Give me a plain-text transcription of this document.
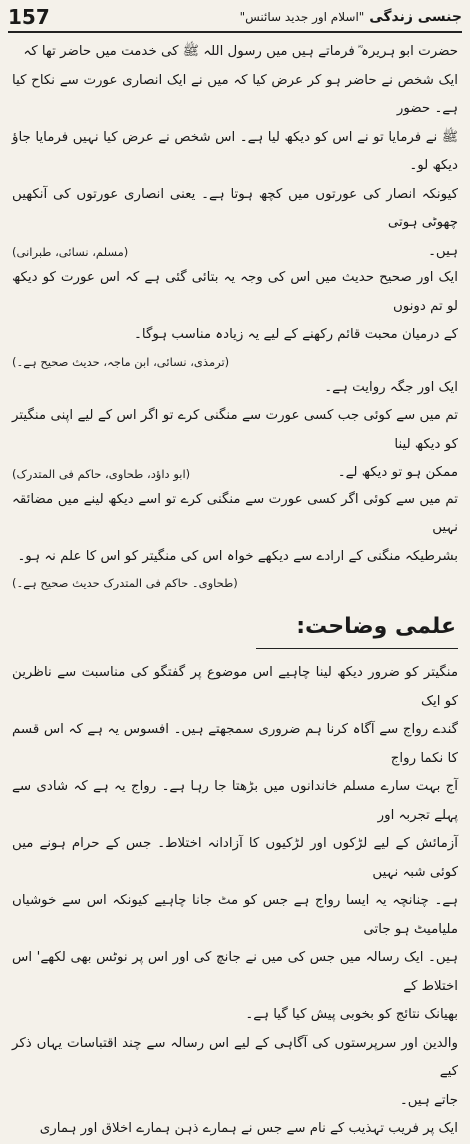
157	جنسی زندگی "اسلام اور جدید سائنس"

حضرت ابو ہریرہ ؓ فرماتے ہیں میں رسول اللہ ﷺ کی خدمت میں حاضر تھا کہ

ایک شخص نے حاضر ہو کر عرض کیا کہ میں نے ایک انصاری عورت سے نکاح کیا ہے۔ حضور

ﷺ نے فرمایا تو نے اس کو دیکھ لیا ہے۔ اس شخص نے عرض کیا نہیں فرمایا جاؤ دیکھ لو۔

کیونکہ انصار کی عورتوں میں کچھ ہوتا ہے۔ یعنی انصاری عورتوں کی آنکھیں چھوٹی ہوتی

ہیں۔

(مسلم، نسائی، طبرانی)

ایک اور صحیح حدیث میں اس کی وجہ یہ بتائی گئی ہے کہ اس عورت کو دیکھ لو تم دونوں

کے درمیان محبت قائم رکھنے کے لیے یہ زیادہ مناسب ہوگا۔

(ترمذی، نسائی، ابن ماجہ، حدیث صحیح ہے۔)

ایک اور جگہ روایت ہے۔

تم میں سے کوئی جب کسی عورت سے منگنی کرے تو اگر اس کے لیے اپنی منگیتر کو دیکھ لینا

ممکن ہو تو دیکھ لے۔

(ابو داؤد، طحاوی، حاکم فی المتدرک)

تم میں سے کوئی اگر کسی عورت سے منگنی کرے تو اسے دیکھ لینے میں مضائقہ نہیں

بشرطیکہ منگنی کے ارادے سے دیکھے خواہ اس کی منگیتر کو اس کا علم نہ ہو۔

(طحاوی۔ حاکم فی المتدرک حدیث صحیح ہے۔)

علمی وضاحت:

منگیتر کو ضرور دیکھ لینا چاہیے اس موضوع پر گفتگو کی مناسبت سے ناظرین کو ایک

گندے رواج سے آگاہ کرنا ہم ضروری سمجھتے ہیں۔ افسوس یہ ہے کہ اس قسم کا نکما رواج

آج بہت سارے مسلم خاندانوں میں بڑھتا جا رہا ہے۔ رواج یہ ہے کہ شادی سے پہلے تجربہ اور

آزمائش کے لیے لڑکوں اور لڑکیوں کا آزادانہ اختلاط۔ جس کے حرام ہونے میں کوئی شبہ نہیں

ہے۔ چنانچہ یہ ایسا رواج ہے جس کو مٹ جانا چاہیے کیونکہ اس سے خوشیاں ملیامیٹ ہو جاتی

ہیں۔ ایک رسالہ میں جس کی میں نے جانچ کی اور اس پر نوٹس بھی لکھے' اس اختلاط کے

بھیانک نتائج کو بخوبی پیش کیا گیا ہے۔

والدین اور سرپرستوں کی آگاہی کے لیے اس رسالہ سے چند اقتباسات یہاں ذکر کیے

جاتے ہیں۔

ایک پر فریب تہذیب کے نام سے جس نے ہمارے ذہن ہمارے اخلاق اور ہماری
